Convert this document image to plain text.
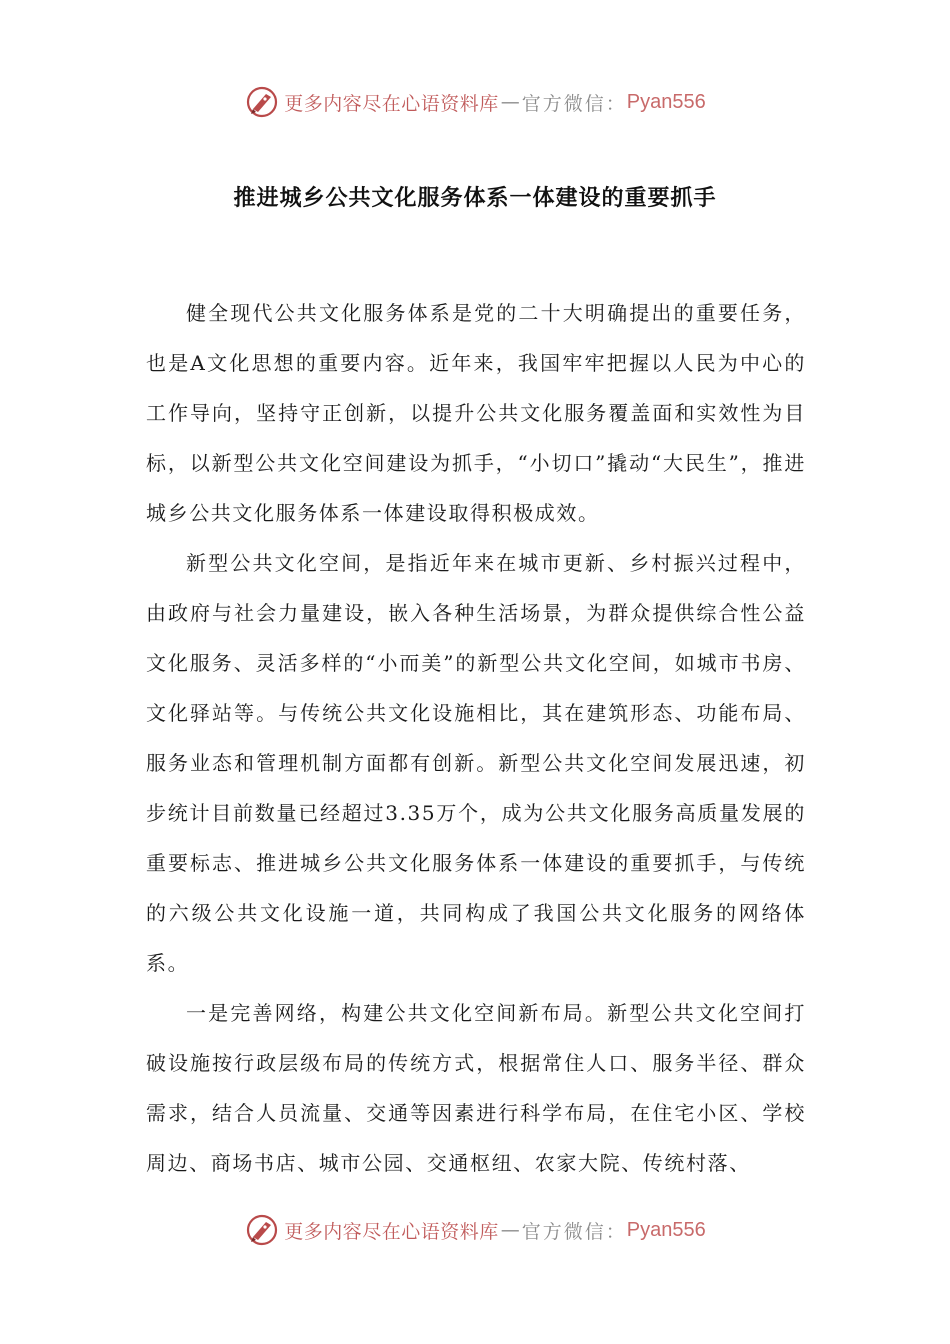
更多内容尽在心语资料库 — 官方微信： Pyan556
推进城乡公共文化服务体系一体建设的重要抓手

健全现代公共文化服务体系是党的二十大明确提出的重要任务，也是A文化思想的重要内容。近年来，我国牢牢把握以人民为中心的工作导向，坚持守正创新，以提升公共文化服务覆盖面和实效性为目标，以新型公共文化空间建设为抓手，“小切口”撬动“大民生”，推进城乡公共文化服务体系一体建设取得积极成效。

新型公共文化空间，是指近年来在城市更新、乡村振兴过程中，由政府与社会力量建设，嵌入各种生活场景，为群众提供综合性公益文化服务、灵活多样的“小而美”的新型公共文化空间，如城市书房、文化驿站等。与传统公共文化设施相比，其在建筑形态、功能布局、服务业态和管理机制方面都有创新。新型公共文化空间发展迅速，初步统计目前数量已经超过3.35万个，成为公共文化服务高质量发展的重要标志、推进城乡公共文化服务体系一体建设的重要抓手，与传统的六级公共文化设施一道，共同构成了我国公共文化服务的网络体系。

一是完善网络，构建公共文化空间新布局。新型公共文化空间打破设施按行政层级布局的传统方式，根据常住人口、服务半径、群众需求，结合人员流量、交通等因素进行科学布局，在住宅小区、学校周边、商场书店、城市公园、交通枢纽、农家大院、传统村落、

更多内容尽在心语资料库 — 官方微信： Pyan556
